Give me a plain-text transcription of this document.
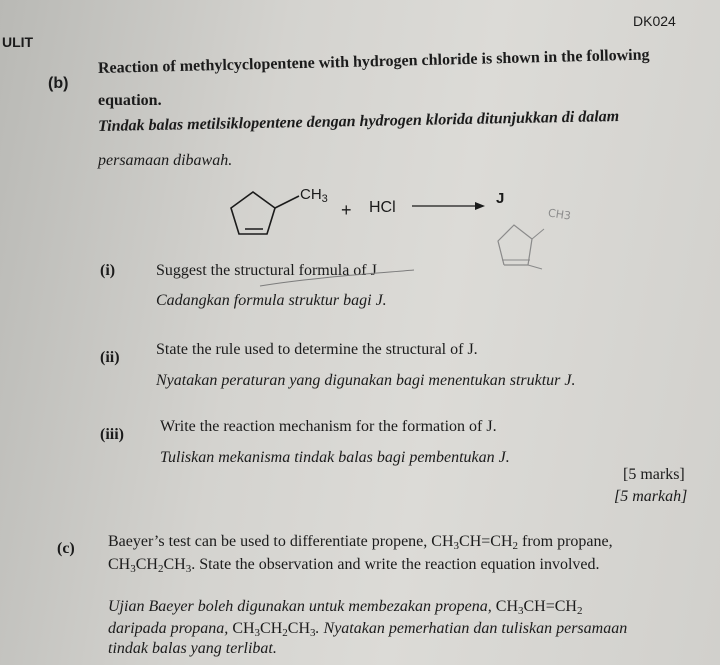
DK024
ULIT
(b)
Reaction of methylcyclopentene with hydrogen chloride is shown in the following
equation.
Tindak balas metilsiklopentene dengan hydrogen klorida ditunjukkan di dalam
persamaan dibawah.
$CH_3$
+ HCl
J
CH3
(i)	Suggest the structural formula of J
Cadangkan formula struktur bagi J.
(ii) State the rule used to determine the structural of J.
Nyatakan peraturan yang digunakan bagi menentukan struktur J.
(iii) Write the reaction mechanism for the formation of J.
Tuliskan mekanisma tindak balas bagi pembentukan J.
[5 marks]
[5 markah]
(c) Baeyer’s test can be used to differentiate propene, $CH_3CH=CH_2$ from propane,
$CH_3CH_2CH_3$. State the observation and write the reaction equation involved.
Ujian Baeyer boleh digunakan untuk membezakan propena, $CH_3CH=CH_2$
daripada propana, $CH_3CH_2CH_3$. Nyatakan pemerhatian dan tuliskan persamaan
tindak balas yang terlibat.
